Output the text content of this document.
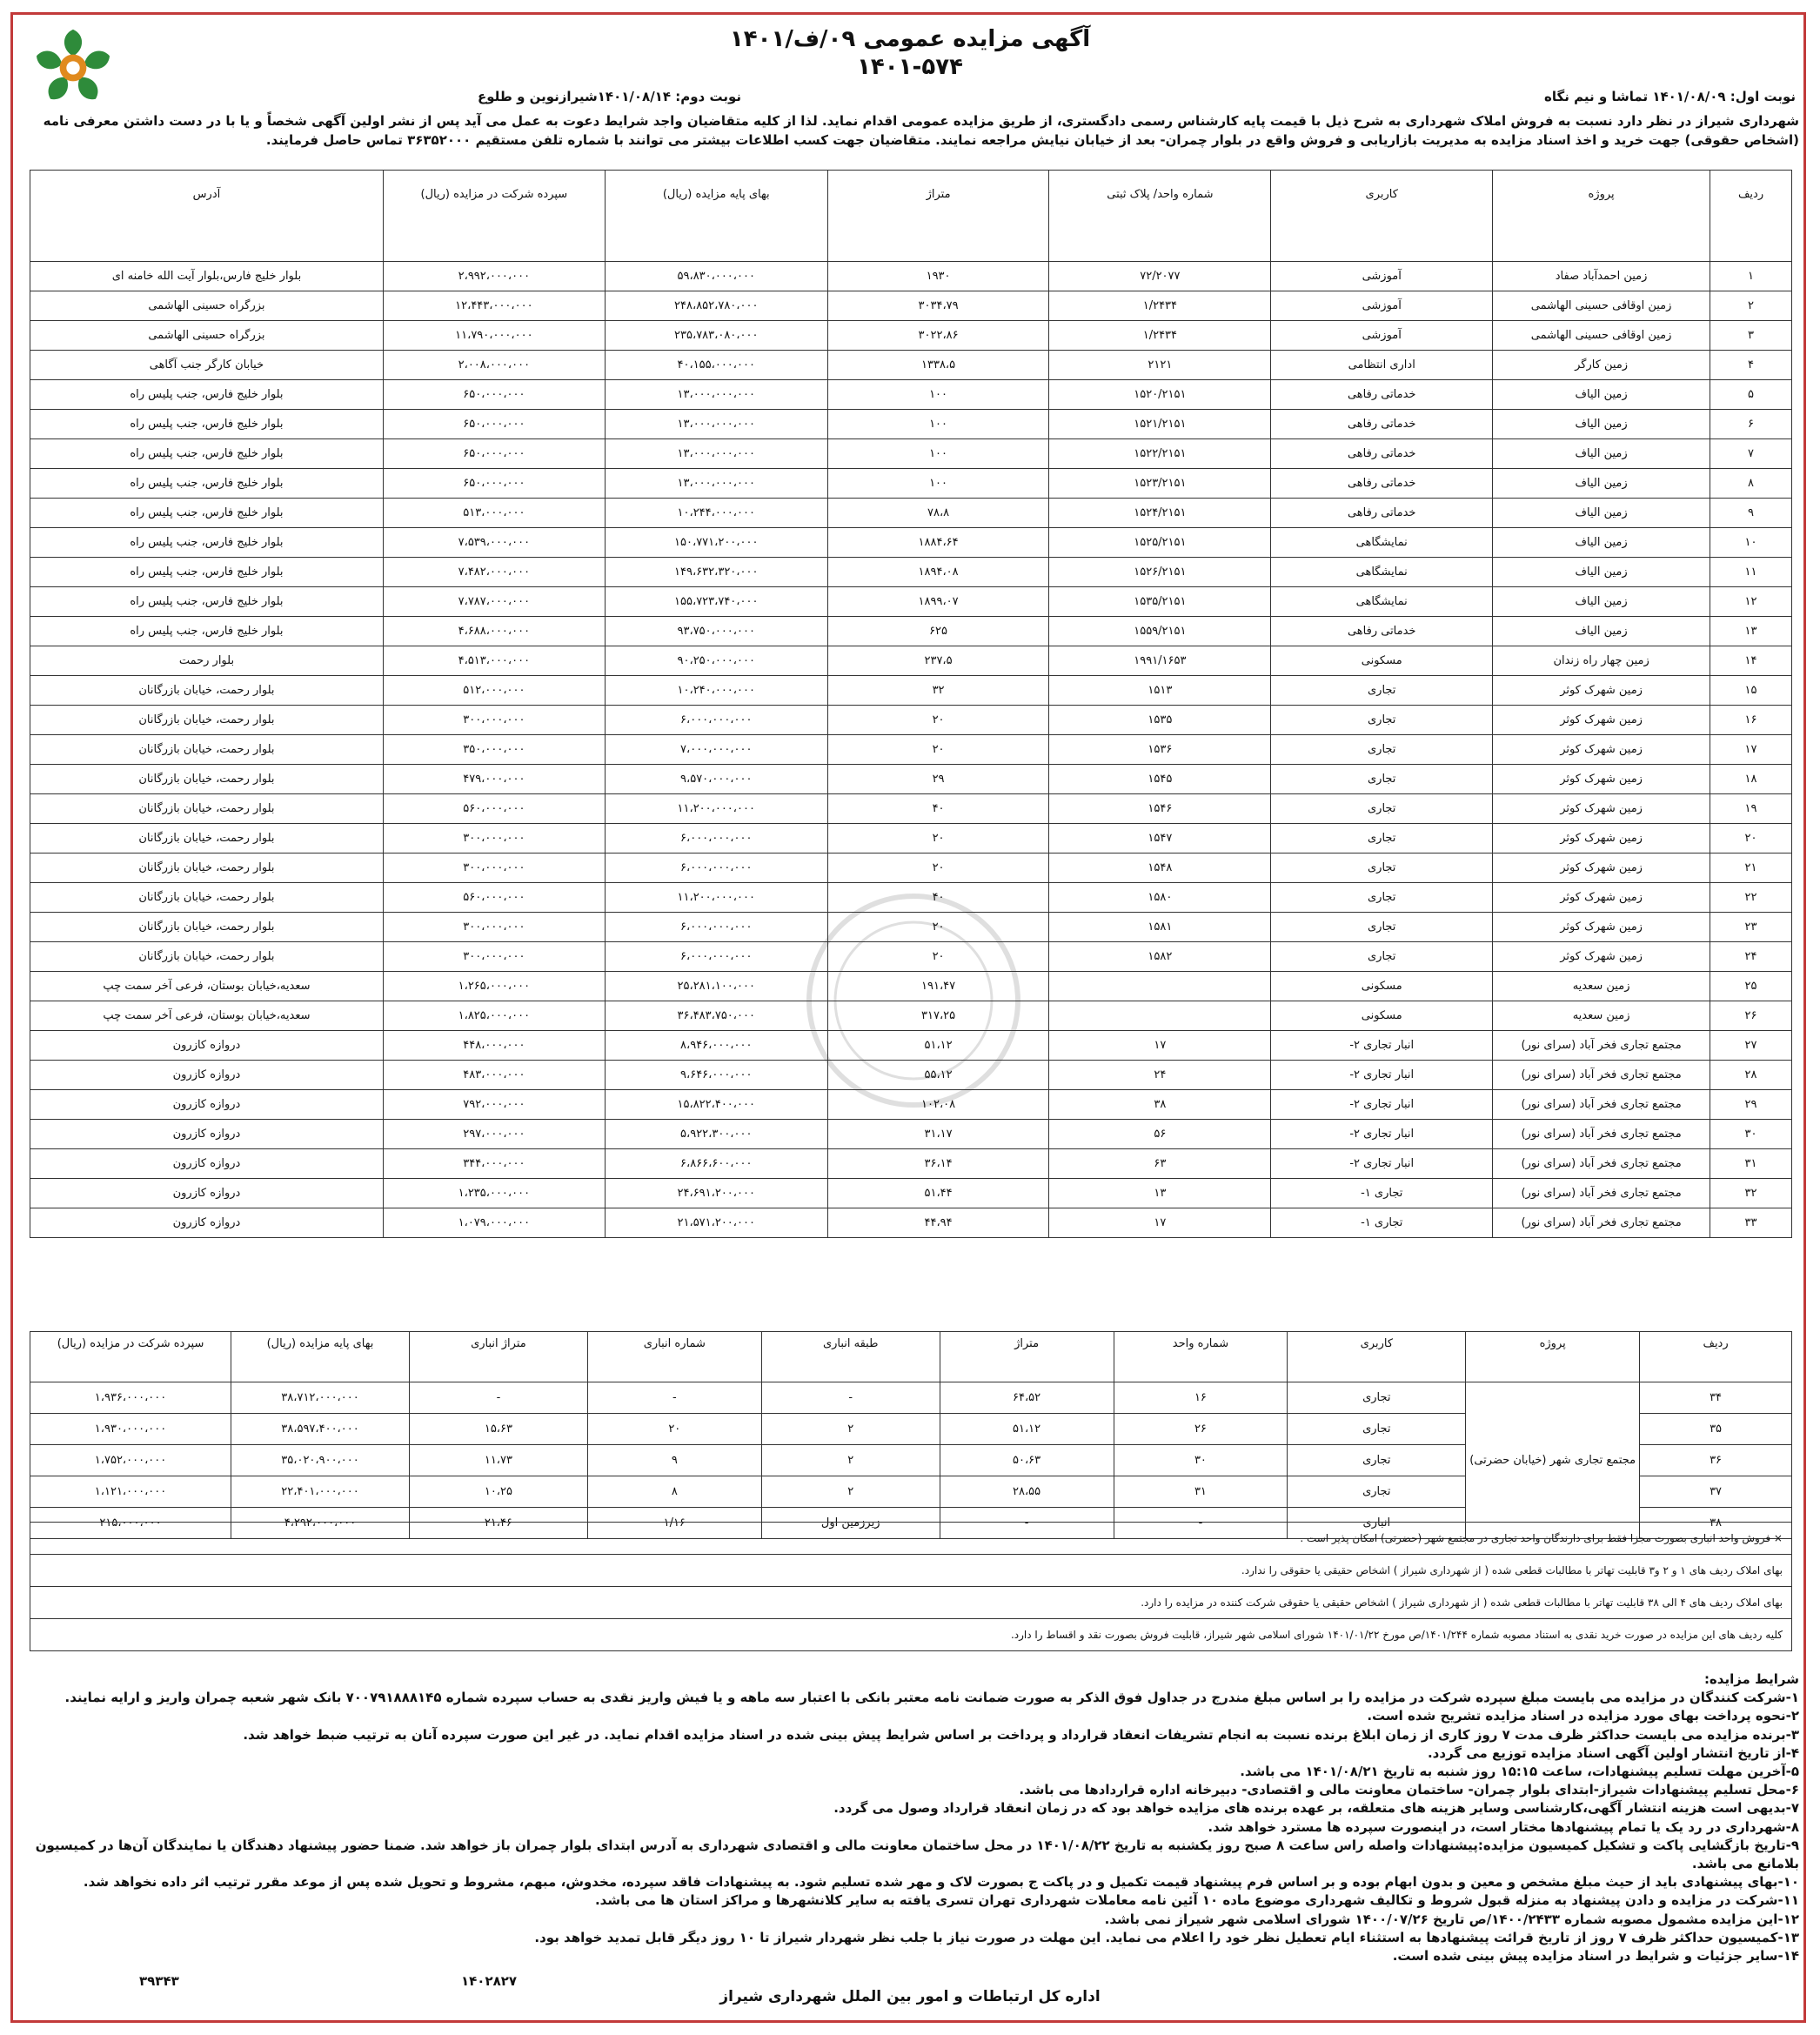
آگهی مزایده عمومی ۰۹/ف/۱۴۰۱
۱۴۰۱-۵۷۴
نوبت اول: ۱۴۰۱/۰۸/۰۹ تماشا و نیم نگاه
نوبت دوم: ۱۴۰۱/۰۸/۱۴شیرازنوین و طلوع
شهرداری شیراز در نظر دارد نسبت به فروش املاک شهرداری به شرح ذیل با قیمت پایه کارشناس رسمی دادگستری، از طریق مزایده عمومی اقدام نماید. لذا از کلیه متقاضیان واجد شرایط دعوت به عمل می آید پس از نشر اولین آگهی شخصاً و یا با در دست داشتن معرفی نامه (اشخاص حقوقی) جهت خرید و اخذ اسناد مزایده به مدیریت بازاریابی و فروش واقع در بلوار چمران- بعد از خیابان نیایش مراجعه نمایند. متقاضیان جهت کسب اطلاعات بیشتر می توانند با شماره تلفن مستقیم ۳۶۳۵۲۰۰۰ تماس حاصل فرمایند.
ردیف	پروژه	کاربری	شماره واحد/ پلاک ثبتی	متراژ	بهای پایه مزایده (ریال)	سپرده شرکت در مزایده (ریال)	آدرس
۱	زمین احمدآباد صفاد	آموزشی	۷۲/۲۰۷۷	۱۹۳۰	۵۹،۸۳۰،۰۰۰،۰۰۰	۲،۹۹۲،۰۰۰،۰۰۰	بلوار خلیج فارس،بلوار آیت الله خامنه ای
۲	زمین اوقافی حسینی الهاشمی	آموزشی	۱/۲۴۳۴	۳۰۳۴،۷۹	۲۴۸،۸۵۲،۷۸۰،۰۰۰	۱۲،۴۴۳،۰۰۰،۰۰۰	بزرگراه حسینی الهاشمی
۳	زمین اوقافی حسینی الهاشمی	آموزشی	۱/۲۴۳۴	۳۰۲۲،۸۶	۲۳۵،۷۸۳،۰۸۰،۰۰۰	۱۱،۷۹۰،۰۰۰،۰۰۰	بزرگراه حسینی الهاشمی
۴	زمین کارگر	اداری انتظامی	۲۱۲۱	۱۳۳۸،۵	۴۰،۱۵۵،۰۰۰،۰۰۰	۲،۰۰۸،۰۰۰،۰۰۰	خیابان کارگر جنب آگاهی
۵	زمین الیاف	خدماتی رفاهی	۱۵۲۰/۲۱۵۱	۱۰۰	۱۳،۰۰۰،۰۰۰،۰۰۰	۶۵۰،۰۰۰،۰۰۰	بلوار خلیج فارس، جنب پلیس راه
۶	زمین الیاف	خدماتی رفاهی	۱۵۲۱/۲۱۵۱	۱۰۰	۱۳،۰۰۰،۰۰۰،۰۰۰	۶۵۰،۰۰۰،۰۰۰	بلوار خلیج فارس، جنب پلیس راه
۷	زمین الیاف	خدماتی رفاهی	۱۵۲۲/۲۱۵۱	۱۰۰	۱۳،۰۰۰،۰۰۰،۰۰۰	۶۵۰،۰۰۰،۰۰۰	بلوار خلیج فارس، جنب پلیس راه
۸	زمین الیاف	خدماتی رفاهی	۱۵۲۳/۲۱۵۱	۱۰۰	۱۳،۰۰۰،۰۰۰،۰۰۰	۶۵۰،۰۰۰،۰۰۰	بلوار خلیج فارس، جنب پلیس راه
۹	زمین الیاف	خدماتی رفاهی	۱۵۲۴/۲۱۵۱	۷۸،۸	۱۰،۲۴۴،۰۰۰،۰۰۰	۵۱۳،۰۰۰،۰۰۰	بلوار خلیج فارس، جنب پلیس راه
۱۰	زمین الیاف	نمایشگاهی	۱۵۲۵/۲۱۵۱	۱۸۸۴،۶۴	۱۵۰،۷۷۱،۲۰۰،۰۰۰	۷،۵۳۹،۰۰۰،۰۰۰	بلوار خلیج فارس، جنب پلیس راه
۱۱	زمین الیاف	نمایشگاهی	۱۵۲۶/۲۱۵۱	۱۸۹۴،۰۸	۱۴۹،۶۳۲،۳۲۰،۰۰۰	۷،۴۸۲،۰۰۰،۰۰۰	بلوار خلیج فارس، جنب پلیس راه
۱۲	زمین الیاف	نمایشگاهی	۱۵۳۵/۲۱۵۱	۱۸۹۹،۰۷	۱۵۵،۷۲۳،۷۴۰،۰۰۰	۷،۷۸۷،۰۰۰،۰۰۰	بلوار خلیج فارس، جنب پلیس راه
۱۳	زمین الیاف	خدماتی رفاهی	۱۵۵۹/۲۱۵۱	۶۲۵	۹۳،۷۵۰،۰۰۰،۰۰۰	۴،۶۸۸،۰۰۰،۰۰۰	بلوار خلیج فارس، جنب پلیس راه
۱۴	زمین چهار راه زندان	مسکونی	۱۹۹۱/۱۶۵۳	۲۳۷،۵	۹۰،۲۵۰،۰۰۰،۰۰۰	۴،۵۱۳،۰۰۰،۰۰۰	بلوار رحمت
۱۵	زمین شهرک کوثر	تجاری	۱۵۱۳	۳۲	۱۰،۲۴۰،۰۰۰،۰۰۰	۵۱۲،۰۰۰،۰۰۰	بلوار رحمت، خیابان بازرگانان
۱۶	زمین شهرک کوثر	تجاری	۱۵۳۵	۲۰	۶،۰۰۰،۰۰۰،۰۰۰	۳۰۰،۰۰۰،۰۰۰	بلوار رحمت، خیابان بازرگانان
۱۷	زمین شهرک کوثر	تجاری	۱۵۳۶	۲۰	۷،۰۰۰،۰۰۰،۰۰۰	۳۵۰،۰۰۰،۰۰۰	بلوار رحمت، خیابان بازرگانان
۱۸	زمین شهرک کوثر	تجاری	۱۵۴۵	۲۹	۹،۵۷۰،۰۰۰،۰۰۰	۴۷۹،۰۰۰،۰۰۰	بلوار رحمت، خیابان بازرگانان
۱۹	زمین شهرک کوثر	تجاری	۱۵۴۶	۴۰	۱۱،۲۰۰،۰۰۰،۰۰۰	۵۶۰،۰۰۰،۰۰۰	بلوار رحمت، خیابان بازرگانان
۲۰	زمین شهرک کوثر	تجاری	۱۵۴۷	۲۰	۶،۰۰۰،۰۰۰،۰۰۰	۳۰۰،۰۰۰،۰۰۰	بلوار رحمت، خیابان بازرگانان
۲۱	زمین شهرک کوثر	تجاری	۱۵۴۸	۲۰	۶،۰۰۰،۰۰۰،۰۰۰	۳۰۰،۰۰۰،۰۰۰	بلوار رحمت، خیابان بازرگانان
۲۲	زمین شهرک کوثر	تجاری	۱۵۸۰	۴۰	۱۱،۲۰۰،۰۰۰،۰۰۰	۵۶۰،۰۰۰،۰۰۰	بلوار رحمت، خیابان بازرگانان
۲۳	زمین شهرک کوثر	تجاری	۱۵۸۱	۲۰	۶،۰۰۰،۰۰۰،۰۰۰	۳۰۰،۰۰۰،۰۰۰	بلوار رحمت، خیابان بازرگانان
۲۴	زمین شهرک کوثر	تجاری	۱۵۸۲	۲۰	۶،۰۰۰،۰۰۰،۰۰۰	۳۰۰،۰۰۰،۰۰۰	بلوار رحمت، خیابان بازرگانان
۲۵	زمین سعدیه	مسکونی		۱۹۱،۴۷	۲۵،۲۸۱،۱۰۰،۰۰۰	۱،۲۶۵،۰۰۰،۰۰۰	سعدیه،خیابان بوستان، فرعی آخر سمت چپ
۲۶	زمین سعدیه	مسکونی		۳۱۷،۲۵	۳۶،۴۸۳،۷۵۰،۰۰۰	۱،۸۲۵،۰۰۰،۰۰۰	سعدیه،خیابان بوستان، فرعی آخر سمت چپ
۲۷	مجتمع تجاری فخر آباد (سرای نور)	انبار تجاری ۲-	۱۷	۵۱،۱۲	۸،۹۴۶،۰۰۰،۰۰۰	۴۴۸،۰۰۰،۰۰۰	دروازه کازرون
۲۸	مجتمع تجاری فخر آباد (سرای نور)	انبار تجاری ۲-	۲۴	۵۵،۱۲	۹،۶۴۶،۰۰۰،۰۰۰	۴۸۳،۰۰۰،۰۰۰	دروازه کازرون
۲۹	مجتمع تجاری فخر آباد (سرای نور)	انبار تجاری ۲-	۳۸	۱۰۲،۰۸	۱۵،۸۲۲،۴۰۰،۰۰۰	۷۹۲،۰۰۰،۰۰۰	دروازه کازرون
۳۰	مجتمع تجاری فخر آباد (سرای نور)	انبار تجاری ۲-	۵۶	۳۱،۱۷	۵،۹۲۲،۳۰۰،۰۰۰	۲۹۷،۰۰۰،۰۰۰	دروازه کازرون
۳۱	مجتمع تجاری فخر آباد (سرای نور)	انبار تجاری ۲-	۶۳	۳۶،۱۴	۶،۸۶۶،۶۰۰،۰۰۰	۳۴۴،۰۰۰،۰۰۰	دروازه کازرون
۳۲	مجتمع تجاری فخر آباد (سرای نور)	تجاری ۱-	۱۳	۵۱،۴۴	۲۴،۶۹۱،۲۰۰،۰۰۰	۱،۲۳۵،۰۰۰،۰۰۰	دروازه کازرون
۳۳	مجتمع تجاری فخر آباد (سرای نور)	تجاری ۱-	۱۷	۴۴،۹۴	۲۱،۵۷۱،۲۰۰،۰۰۰	۱،۰۷۹،۰۰۰،۰۰۰	دروازه کازرون
ردیف	پروژه	کاربری	شماره واحد	متراژ	طبقه انباری	شماره انباری	متراژ انباری	بهای پایه مزایده (ریال)	سپرده شرکت در مزایده (ریال)
۳۴	مجتمع تجاری شهر (خیابان حضرتی)	تجاری	۱۶	۶۴،۵۲	-	-	-	۳۸،۷۱۲،۰۰۰،۰۰۰	۱،۹۳۶،۰۰۰،۰۰۰
۳۵		تجاری	۲۶	۵۱،۱۲	۲	۲۰	۱۵،۶۳	۳۸،۵۹۷،۴۰۰،۰۰۰	۱،۹۳۰،۰۰۰،۰۰۰
۳۶		تجاری	۳۰	۵۰،۶۳	۲	۹	۱۱،۷۳	۳۵،۰۲۰،۹۰۰،۰۰۰	۱،۷۵۲،۰۰۰،۰۰۰
۳۷		تجاری	۳۱	۲۸،۵۵	۲	۸	۱۰،۲۵	۲۲،۴۰۱،۰۰۰،۰۰۰	۱،۱۲۱،۰۰۰،۰۰۰
۳۸		انباری	-	-	زیرزمین اول	۱/۱۶	۲۱،۴۶	۴،۲۹۲،۰۰۰،۰۰۰	۲۱۵،۰۰۰،۰۰۰
× فروش واحد انباری بصورت مجزا فقط برای دارندگان واحد تجاری در مجتمع شهر (حضرتی) امکان پذیر است .
بهای املاک ردیف های ۱ و ۲ و۳ قابلیت تهاتر با مطالبات قطعی شده ( از شهرداری شیراز ) اشخاص حقیقی یا حقوقی را ندارد.
بهای املاک ردیف های ۴ الی ۳۸ قابلیت تهاتر با مطالبات قطعی شده ( از شهرداری شیراز ) اشخاص حقیقی یا حقوقی شرکت کننده در مزایده را دارد.
کلیه ردیف های این مزایده در صورت خرید نقدی به استناد مصوبه شماره ۱۴۰۱/۲۴۴/ص مورخ ۱۴۰۱/۰۱/۲۲ شورای اسلامی شهر شیراز، قابلیت فروش بصورت نقد و اقساط را دارد.
شرایط مزایده:
۱-شرکت کنندگان در مزایده می بایست مبلغ سپرده شرکت در مزایده را بر اساس مبلغ مندرج در جداول فوق الذکر به صورت ضمانت نامه معتبر بانکی با اعتبار سه ماهه و یا فیش واریز نقدی به حساب سپرده شماره ۷۰۰۷۹۱۸۸۸۱۴۵ بانک شهر شعبه چمران واریز و ارایه نمایند.
۲-نحوه پرداخت بهای مورد مزایده در اسناد مزایده تشریح شده است.
۳-برنده مزایده می بایست حداکثر ظرف مدت ۷ روز کاری از زمان ابلاغ برنده نسبت به انجام تشریفات انعقاد قرارداد و پرداخت بر اساس شرایط پیش بینی شده در اسناد مزایده اقدام نماید. در غیر این صورت سپرده آنان به ترتیب ضبط خواهد شد.
۴-از تاریخ انتشار اولین آگهی اسناد مزایده توزیع می گردد.
۵-آخرین مهلت تسلیم پیشنهادات، ساعت ۱۵:۱۵ روز شنبه به تاریخ ۱۴۰۱/۰۸/۲۱ می باشد.
۶-محل تسلیم پیشنهادات شیراز-ابتدای بلوار چمران- ساختمان معاونت مالی و اقتصادی- دبیرخانه اداره قراردادها می باشد.
۷-بدیهی است هزینه انتشار آگهی،کارشناسی وسایر هزینه های متعلقه، بر عهده برنده های مزایده خواهد بود که در زمان انعقاد قرارداد وصول می گردد.
۸-شهرداری در رد یک یا تمام پیشنهادها مختار است، در اینصورت سپرده ها مسترد خواهد شد.
۹-تاریخ بازگشایی پاکت و تشکیل کمیسیون مزایده:پیشنهادات واصله راس ساعت ۸ صبح روز یکشنبه به تاریخ ۱۴۰۱/۰۸/۲۲ در محل ساختمان معاونت مالی و اقتصادی شهرداری به آدرس ابتدای بلوار چمران باز خواهد شد. ضمنا حضور پیشنهاد دهندگان یا نمایندگان آن‌ها در کمیسیون بلامانع می باشد.
۱۰-بهای پیشنهادی باید از حیث مبلغ مشخص و معین و بدون ابهام بوده و بر اساس فرم پیشنهاد قیمت تکمیل و در پاکت ج بصورت لاک و مهر شده تسلیم شود. به پیشنهادات فاقد سپرده، مخدوش، مبهم، مشروط و تحویل شده پس از موعد مقرر ترتیب اثر داده نخواهد شد.
۱۱-شرکت در مزایده و دادن پیشنهاد به منزله قبول شروط و تکالیف شهرداری موضوع ماده ۱۰ آئین نامه معاملات شهرداری تهران تسری یافته به سایر کلانشهرها و مراکز استان ها می باشد.
۱۲-این مزایده مشمول مصوبه شماره ۱۴۰۰/۲۴۳۳/ص تاریخ ۱۴۰۰/۰۷/۲۶ شورای اسلامی شهر شیراز نمی باشد.
۱۳-کمیسیون حداکثر ظرف ۷ روز از تاریخ قرائت پیشنهادها به استثناء ایام تعطیل نظر خود را اعلام می نماید. این مهلت در صورت نیاز با جلب نظر شهردار شیراز تا ۱۰ روز دیگر قابل تمدید خواهد بود.
۱۴-سایر جزئیات و شرایط در اسناد مزایده پیش بینی شده است.
اداره کل ارتباطات و امور بین الملل شهرداری شیراز
۱۴۰۲۸۲۷
۳۹۳۴۳
